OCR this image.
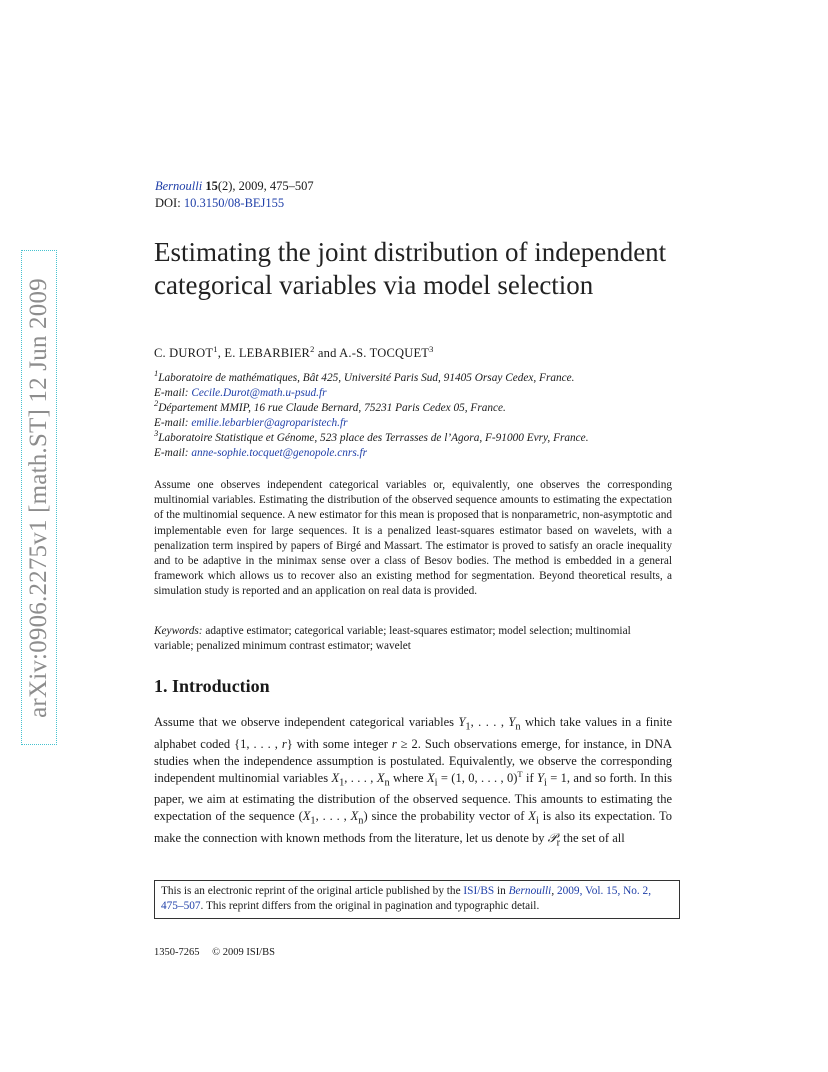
arXiv:0906.2275v1 [math.ST] 12 Jun 2009
Bernoulli 15(2), 2009, 475–507
DOI: 10.3150/08-BEJ155
Estimating the joint distribution of independent categorical variables via model selection
C. DUROT$^1$, E. LEBARBIER$^2$ and A.-S. TOCQUET$^3$
$^1$Laboratoire de mathématiques, Bât 425, Université Paris Sud, 91405 Orsay Cedex, France.
E-mail: Cecile.Durot@math.u-psud.fr
$^2$Département MMIP, 16 rue Claude Bernard, 75231 Paris Cedex 05, France.
E-mail: emilie.lebarbier@agroparistech.fr
$^3$Laboratoire Statistique et Génome, 523 place des Terrasses de l’Agora, F-91000 Evry, France.
E-mail: anne-sophie.tocquet@genopole.cnrs.fr

Assume one observes independent categorical variables or, equivalently, one observes the corresponding multinomial variables. Estimating the distribution of the observed sequence amounts to estimating the expectation of the multinomial sequence. A new estimator for this mean is proposed that is nonparametric, non-asymptotic and implementable even for large sequences. It is a penalized least-squares estimator based on wavelets, with a penalization term inspired by papers of Birgé and Massart. The estimator is proved to satisfy an oracle inequality and to be adaptive in the minimax sense over a class of Besov bodies. The method is embedded in a general framework which allows us to recover also an existing method for segmentation. Beyond theoretical results, a simulation study is reported and an application on real data is provided.

Keywords: adaptive estimator; categorical variable; least-squares estimator; model selection; multinomial variable; penalized minimum contrast estimator; wavelet

1. Introduction

Assume that we observe independent categorical variables $Y_1$, . . . , $Y_n$ which take values in a finite alphabet coded {1, . . . , r} with some integer r ≥ 2. Such observations emerge, for instance, in DNA studies when the independence assumption is postulated. Equivalently, we observe the corresponding independent multinomial variables $X_1$, . . . , $X_n$ where $X_i = (1$, 0, . . . , 0)$^T$ if $Y_i = 1$, and so forth. In this paper, we aim at estimating the distribution of the observed sequence. This amounts to estimating the expectation of the sequence ($X_1$, . . . , $X_n$) since the probability vector of $X_i$ is also its expectation. To make the connection with known methods from the literature, let us denote by 𝒫$_r$ the set of all

This is an electronic reprint of the original article published by the ISI/BS in Bernoulli, 2009, Vol. 15, No. 2, 475–507. This reprint differs from the original in pagination and typographic detail.
1350-7265 © 2009 ISI/BS
